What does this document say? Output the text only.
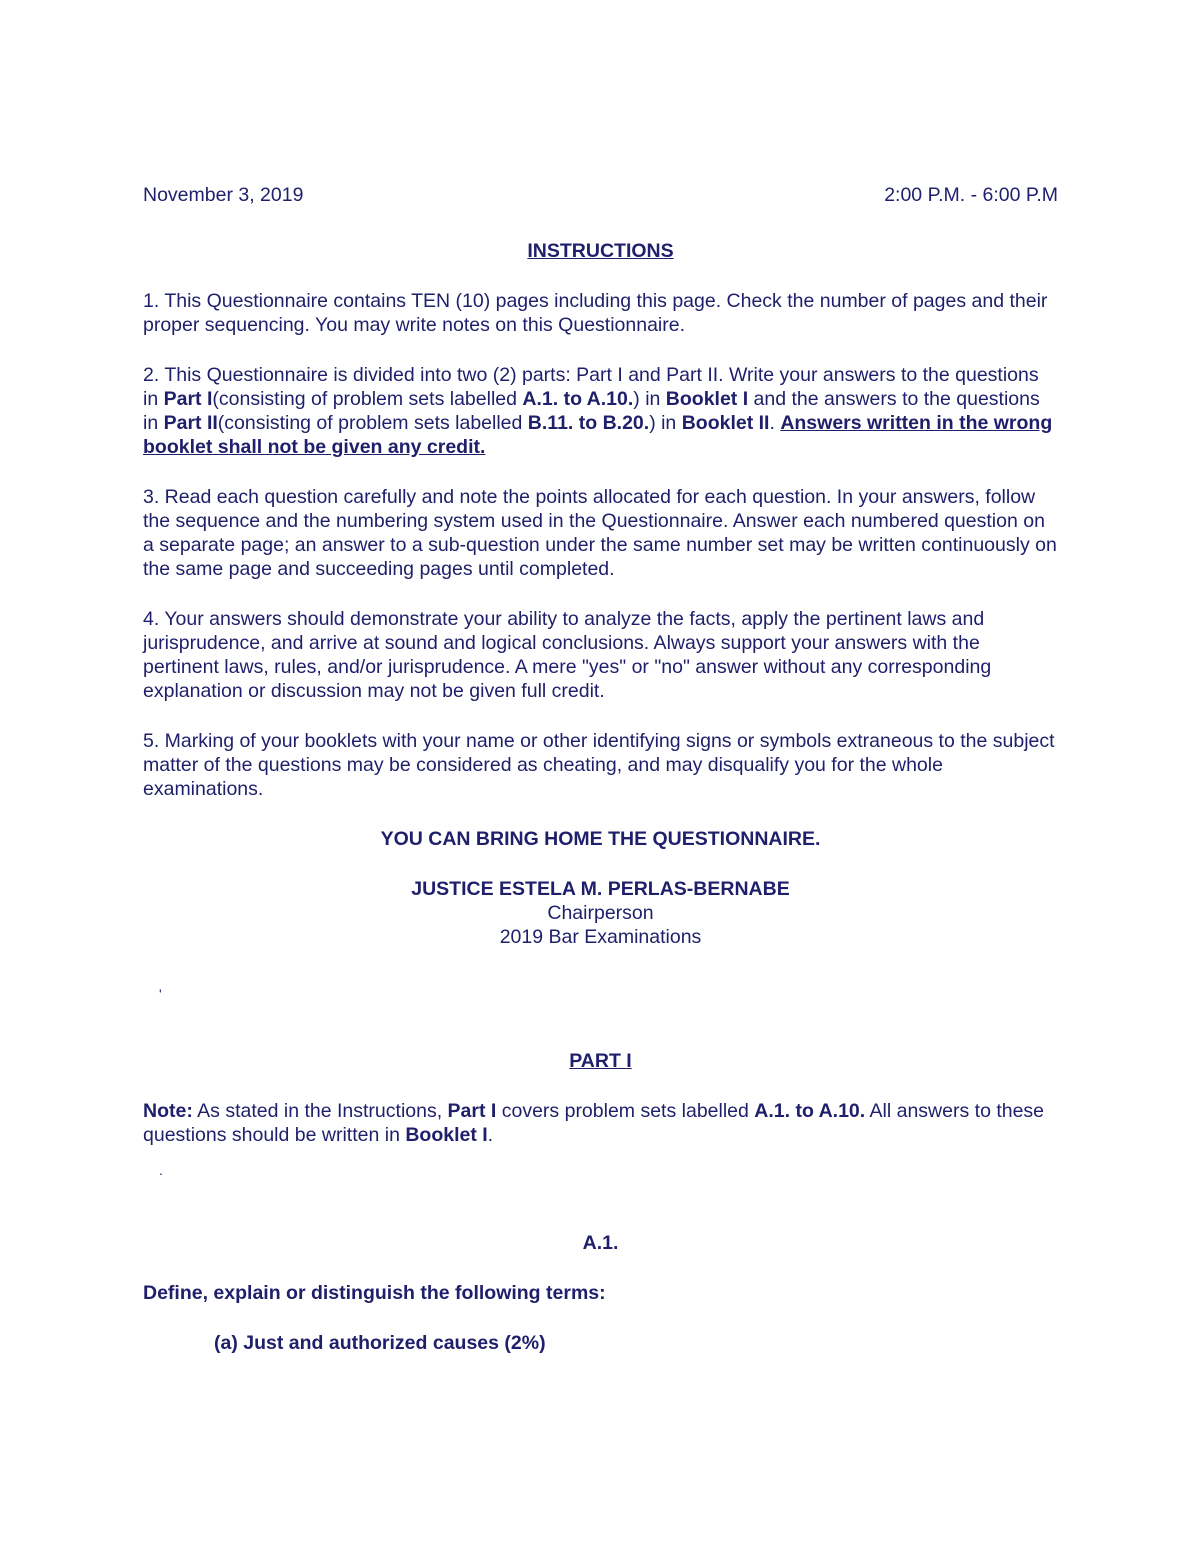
November 3, 2019	2:00 P.M. - 6:00 P.M
INSTRUCTIONS

1. This Questionnaire contains TEN (10) pages including this page. Check the number of pages and their proper sequencing. You may write notes on this Questionnaire.

2. This Questionnaire is divided into two (2) parts: Part I and Part II. Write your answers to the questions in Part I(consisting of problem sets labelled A.1. to A.10.) in Booklet I and the answers to the questions in Part II(consisting of problem sets labelled B.11. to B.20.) in Booklet II. Answers written in the wrong booklet shall not be given any credit.

3. Read each question carefully and note the points allocated for each question. In your answers, follow the sequence and the numbering system used in the Questionnaire. Answer each numbered question on a separate page; an answer to a sub-question under the same number set may be written continuously on the same page and succeeding pages until completed.

4. Your answers should demonstrate your ability to analyze the facts, apply the pertinent laws and jurisprudence, and arrive at sound and logical conclusions. Always support your answers with the pertinent laws, rules, and/or jurisprudence. A mere "yes" or "no" answer without any corresponding explanation or discussion may not be given full credit.

5. Marking of your booklets with your name or other identifying signs or symbols extraneous to the subject matter of the questions may be considered as cheating, and may disqualify you for the whole examinations.

YOU CAN BRING HOME THE QUESTIONNAIRE.
JUSTICE ESTELA M. PERLAS-BERNABE
Chairperson
2019 Bar Examinations
'
PART I

Note: As stated in the Instructions, Part I covers problem sets labelled A.1. to A.10. All answers to these questions should be written in Booklet I.

.
A.1.
Define, explain or distinguish the following terms:
(a) Just and authorized causes (2%)
